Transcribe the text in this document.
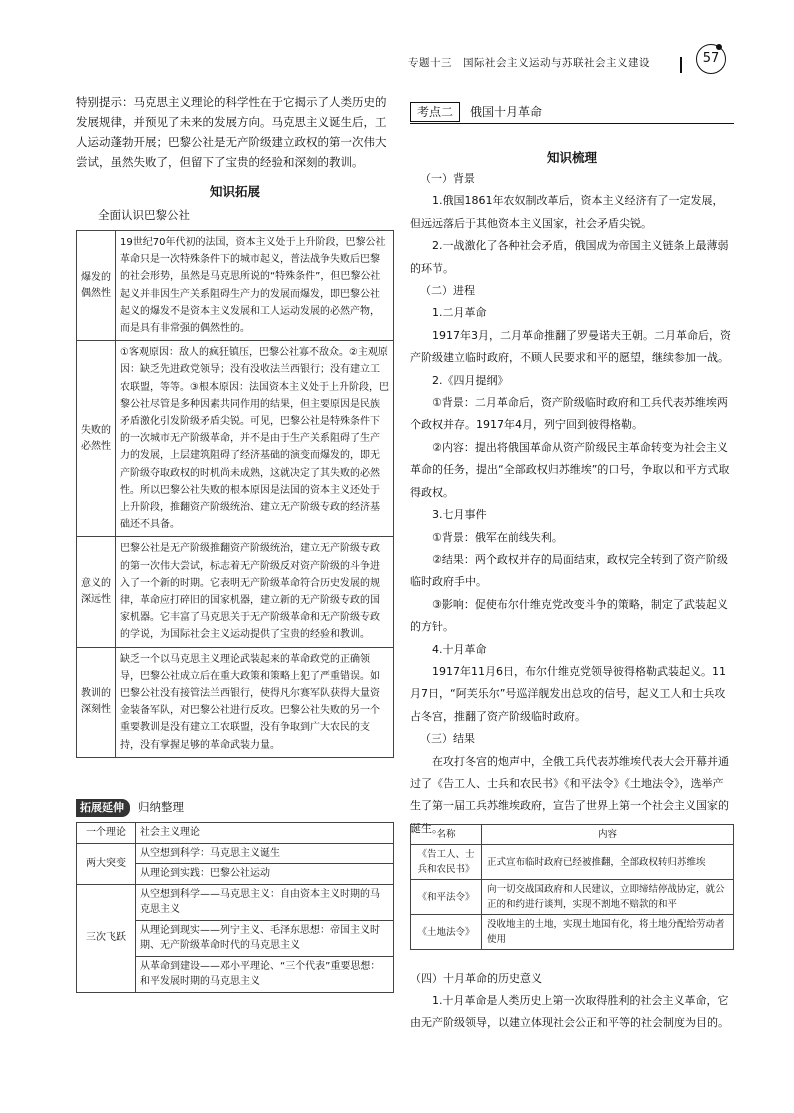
专题十三　国际社会主义运动与苏联社会主义建设	57

特别提示：马克思主义理论的科学性在于它揭示了人类历史的发展规律，并预见了未来的发展方向。马克思主义诞生后，工人运动蓬勃开展；巴黎公社是无产阶级建立政权的第一次伟大尝试，虽然失败了，但留下了宝贵的经验和深刻的教训。

知识拓展
全面认识巴黎公社
爆发的偶然性	19世纪70年代初的法国，资本主义处于上升阶段，巴黎公社革命只是一次特殊条件下的城市起义，普法战争失败后巴黎的社会形势，虽然是马克思所说的“特殊条件”，但巴黎公社起义并非因生产关系阻碍生产力的发展而爆发，即巴黎公社起义的爆发不是资本主义发展和工人运动发展的必然产物，而是具有非常强的偶然性的。
失败的必然性	①客观原因：敌人的疯狂镇压，巴黎公社寡不敌众。②主观原因：缺乏先进政党领导；没有没收法兰西银行；没有建立工农联盟，等等。③根本原因：法国资本主义处于上升阶段，巴黎公社尽管是多种因素共同作用的结果，但主要原因是民族矛盾激化引发阶级矛盾尖锐。可见，巴黎公社是特殊条件下的一次城市无产阶级革命，并不是由于生产关系阻碍了生产力的发展，上层建筑阻碍了经济基础的演变而爆发的，即无产阶级夺取政权的时机尚未成熟，这就决定了其失败的必然性。所以巴黎公社失败的根本原因是法国的资本主义还处于上升阶段，推翻资产阶级统治、建立无产阶级专政的经济基础还不具备。
意义的深远性	巴黎公社是无产阶级推翻资产阶级统治，建立无产阶级专政的第一次伟大尝试，标志着无产阶级反对资产阶级的斗争进入了一个新的时期。它表明无产阶级革命符合历史发展的规律，革命应打碎旧的国家机器，建立新的无产阶级专政的国家机器。它丰富了马克思关于无产阶级革命和无产阶级专政的学说，为国际社会主义运动提供了宝贵的经验和教训。
教训的深刻性	缺乏一个以马克思主义理论武装起来的革命政党的正确领导，巴黎公社成立后在重大政策和策略上犯了严重错误。如巴黎公社没有接管法兰西银行，使得凡尔赛军队获得大量资金装备军队，对巴黎公社进行反攻。巴黎公社失败的另一个重要教训是没有建立工农联盟，没有争取到广大农民的支持，没有掌握足够的革命武装力量。
拓展延伸 归纳整理
一个理论	社会主义理论
两大突变	从空想到科学：马克思主义诞生
	从理论到实践：巴黎公社运动
三次飞跃	从空想到科学——马克思主义：自由资本主义时期的马克思主义
	从理论到现实——列宁主义、毛泽东思想：帝国主义时期、无产阶级革命时代的马克思主义
	从革命到建设——邓小平理论、“三个代表”重要思想：和平发展时期的马克思主义
考点二 俄国十月革命
知识梳理

（一）背景

1.俄国1861年农奴制改革后，资本主义经济有了一定发展，但远远落后于其他资本主义国家，社会矛盾尖锐。

2.一战激化了各种社会矛盾，俄国成为帝国主义链条上最薄弱的环节。

（二）进程

1.二月革命

1917年3月，二月革命推翻了罗曼诺夫王朝。二月革命后，资产阶级建立临时政府，不顾人民要求和平的愿望，继续参加一战。

2.《四月提纲》

①背景：二月革命后，资产阶级临时政府和工兵代表苏维埃两个政权并存。1917年4月，列宁回到彼得格勒。

②内容：提出将俄国革命从资产阶级民主革命转变为社会主义革命的任务，提出“全部政权归苏维埃”的口号，争取以和平方式取得政权。

3.七月事件

①背景：俄军在前线失利。

②结果：两个政权并存的局面结束，政权完全转到了资产阶级临时政府手中。

③影响：促使布尔什维克党改变斗争的策略，制定了武装起义的方针。

4.十月革命

1917年11月6日，布尔什维克党领导彼得格勒武装起义。11月7日，“阿芙乐尔”号巡洋舰发出总攻的信号，起义工人和士兵攻占冬宫，推翻了资产阶级临时政府。

（三）结果

在攻打冬宫的炮声中，全俄工兵代表苏维埃代表大会开幕并通过了《告工人、士兵和农民书》《和平法令》《土地法令》，选举产生了第一届工兵苏维埃政府，宣告了世界上第一个社会主义国家的诞生。

名称	内容
《告工人、士兵和农民书》	正式宣布临时政府已经被推翻，全部政权转归苏维埃
《和平法令》	向一切交战国政府和人民建议，立即缔结停战协定，就公正的和约进行谈判，实现不割地不赔款的和平
《土地法令》	没收地主的土地，实现土地国有化，将土地分配给劳动者使用

（四）十月革命的历史意义

1.十月革命是人类历史上第一次取得胜利的社会主义革命，它由无产阶级领导，以建立体现社会公正和平等的社会制度为目的。
